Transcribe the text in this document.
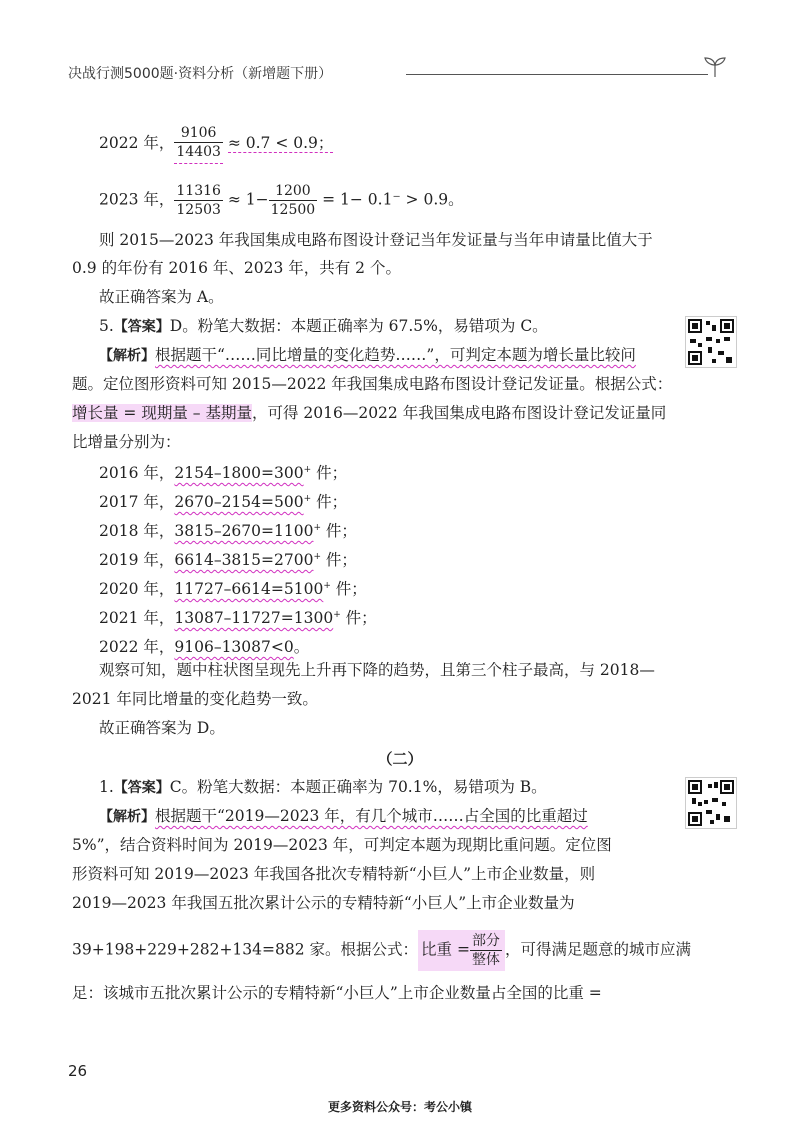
决战行测5000题·资料分析（新增题下册）
2022 年， $\frac{9106}{14403} \approx 0.7 < 0.9$；
2023 年， $\frac{11316}{12503} \approx 1- \frac{1200}{12500} = 1- 0.1^- > 0.9$。
则 2015—2023 年我国集成电路布图设计登记当年发证量与当年申请量比值大于
0.9 的年份有 2016 年、2023 年，共有 2 个。
故正确答案为 A。
5.【答案】D。粉笔大数据：本题正确率为 67.5%，易错项为 C。
【解析】根据题干“……同比增量的变化趋势……”，可判定本题为增长量比较问
题。定位图形资料可知 2015—2022 年我国集成电路布图设计登记发证量。根据公式：
增长量 = 现期量 – 基期量，可得 2016—2022 年我国集成电路布图设计登记发证量同
比增量分别为：
2016 年，2154–1800=300+ 件；
2017 年，2670–2154=500+ 件；
2018 年，3815–2670=1100+ 件；
2019 年，6614–3815=2700+ 件；
2020 年，11727–6614=5100+ 件；
2021 年，13087–11727=1300+ 件；
2022 年，9106–13087<0。
观察可知，题中柱状图呈现先上升再下降的趋势，且第三个柱子最高，与 2018—
2021 年同比增量的变化趋势一致。
故正确答案为 D。
（二）
1.【答案】C。粉笔大数据：本题正确率为 70.1%，易错项为 B。
【解析】根据题干“2019—2023 年，有几个城市……占全国的比重超过
5%”，结合资料时间为 2019—2023 年，可判定本题为现期比重问题。定位图
形资料可知 2019—2023 年我国各批次专精特新“小巨人”上市企业数量，则
2019—2023 年我国五批次累计公示的专精特新“小巨人”上市企业数量为
39+198+229+282+134=882 家。根据公式： 比重 = $\frac{\text{部分}}{\text{整体}}$ ，可得满足题意的城市应满
足：该城市五批次累计公示的专精特新“小巨人”上市企业数量占全国的比重 =
26
更多资料公众号：考公小镇
